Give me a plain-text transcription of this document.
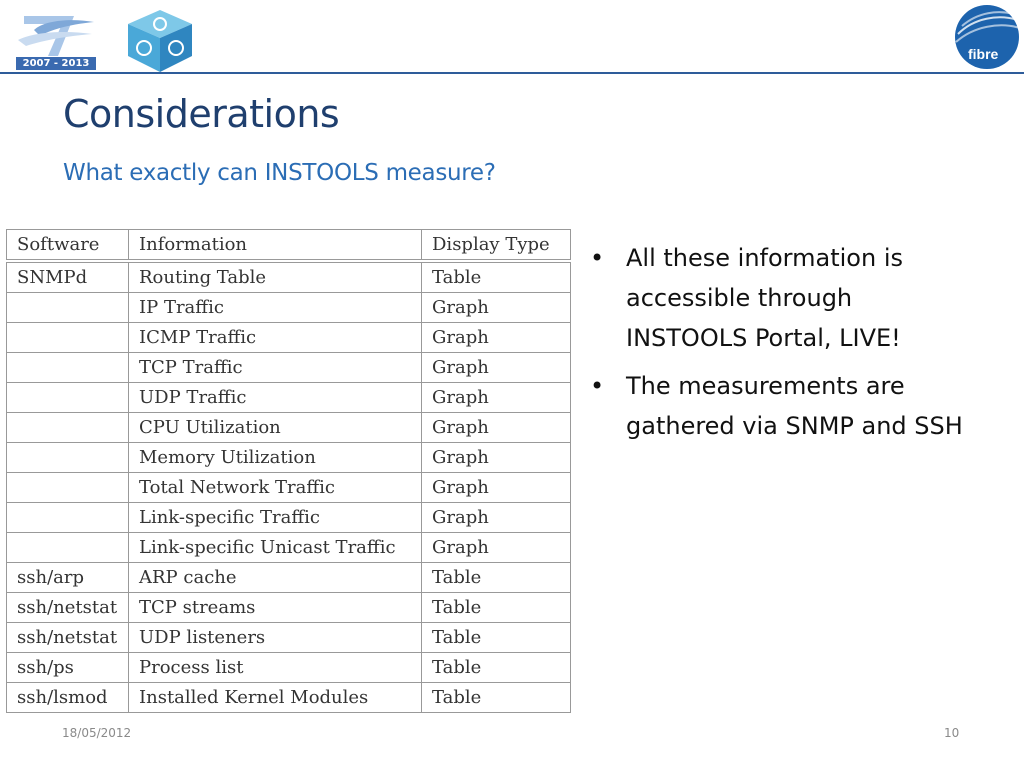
2007 - 2013
fibre
Considerations
What exactly can INSTOOLS measure?
Software	Information	Display Type
SNMPd	Routing Table	Table
	IP Traffic	Graph
	ICMP Traffic	Graph
	TCP Traffic	Graph
	UDP Traffic	Graph
	CPU Utilization	Graph
	Memory Utilization	Graph
	Total Network Traffic	Graph
	Link-specific Traffic	Graph
	Link-specific Unicast Traffic	Graph
ssh/arp	ARP cache	Table
ssh/netstat	TCP streams	Table
ssh/netstat	UDP listeners	Table
ssh/ps	Process list	Table
ssh/lsmod	Installed Kernel Modules	Table
• All these information is accessible through INSTOOLS Portal, LIVE!
• The measurements are gathered via SNMP and SSH
18/05/2012	10
